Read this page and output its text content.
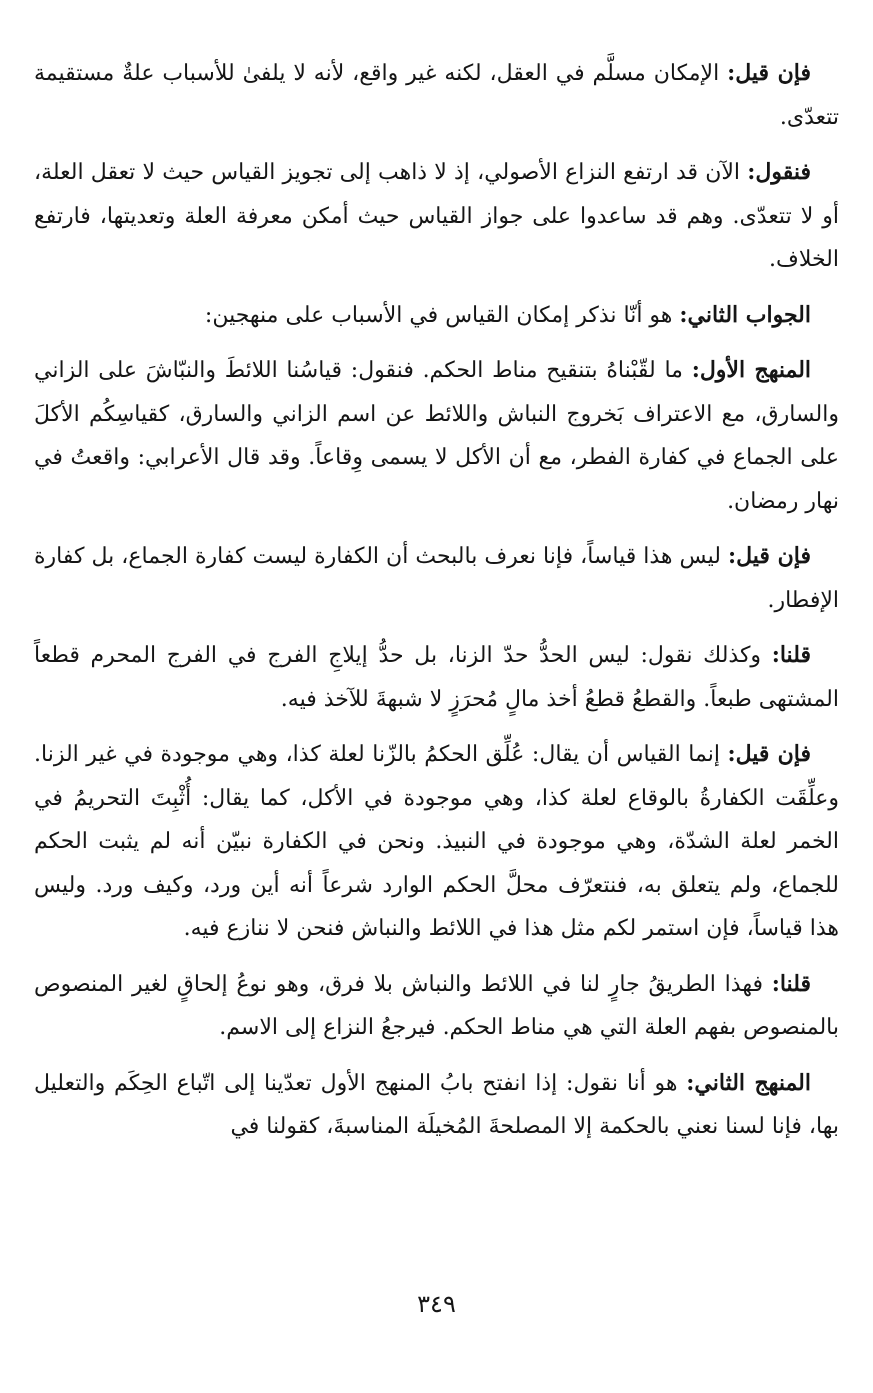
فإن قيل: الإمكان مسلَّم في العقل، لكنه غير واقع، لأنه لا يلفىٰ للأسباب علةٌ مستقيمة تتعدّى.

فنقول: الآن قد ارتفع النزاع الأصولي، إذ لا ذاهب إلى تجويز القياس حيث لا تعقل العلة، أو لا تتعدّى. وهم قد ساعدوا على جواز القياس حيث أمكن معرفة العلة وتعديتها، فارتفع الخلاف.

الجواب الثاني: هو أنّا نذكر إمكان القياس في الأسباب على منهجين:

المنهج الأول: ما لقّبْناهُ بتنقيح مناط الحكم. فنقول: قياسُنا اللائطَ والنبّاشَ على الزاني والسارق، مع الاعتراف بَخروج النباش واللائط عن اسم الزاني والسارق، كقياسِكُم الأكلَ على الجماع في كفارة الفطر، مع أن الأكل لا يسمى وِقاعاً. وقد قال الأعرابي: واقعتُ في نهار رمضان.

فإن قيل: ليس هذا قياساً، فإنا نعرف بالبحث أن الكفارة ليست كفارة الجماع، بل كفارة الإفطار.

قلنا: وكذلك نقول: ليس الحدُّ حدّ الزنا، بل حدُّ إيلاجِ الفرج في الفرج المحرم قطعاً المشتهى طبعاً. والقطعُ قطعُ أخذ مالٍ مُحرَزٍ لا شبهةَ للآخذ فيه.

فإن قيل: إنما القياس أن يقال: عُلِّق الحكمُ بالزّنا لعلة كذا، وهي موجودة في غير الزنا. وعلِّقَت الكفارةُ بالوقاع لعلة كذا، وهي موجودة في الأكل، كما يقال: أُثْبِتَ التحريمُ في الخمر لعلة الشدّة، وهي موجودة في النبيذ. ونحن في الكفارة نبيّن أنه لم يثبت الحكم للجماع، ولم يتعلق به، فنتعرّف محلَّ الحكم الوارد شرعاً أنه أين ورد، وكيف ورد. وليس هذا قياساً، فإن استمر لكم مثل هذا في اللائط والنباش فنحن لا ننازع فيه.

قلنا: فهذا الطريقُ جارٍ لنا في اللائط والنباش بلا فرق، وهو نوعُ إلحاقٍ لغير المنصوص بالمنصوص بفهم العلة التي هي مناط الحكم. فيرجعُ النزاع إلى الاسم.

المنهج الثاني: هو أنا نقول: إذا انفتح بابُ المنهج الأول تعدّينا إلى اتّباع الحِكَم والتعليل بها، فإنا لسنا نعني بالحكمة إلا المصلحةَ المُخيلَة المناسبةَ، كقولنا في

٣٤٩
